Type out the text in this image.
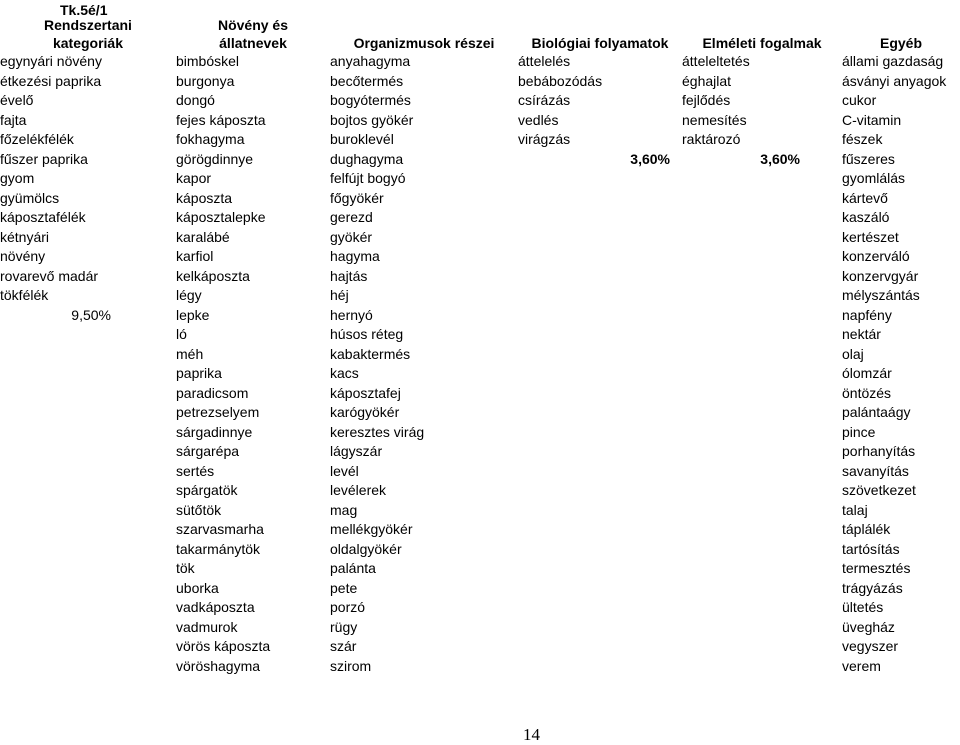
Tk.5é/1
Rendszertani	Növény és				
kategoriák	állatnevek	Organizmusok részei	Biológiai folyamatok	Elméleti fogalmak	Egyéb
egynyári növény	bimbóskel	anyahagyma	áttelelés	átteleltetés	állami gazdaság
étkezési paprika	burgonya	becőtermés	bebábozódás	éghajlat	ásványi anyagok
évelő	dongó	bogyótermés	csírázás	fejlődés	cukor
fajta	fejes káposzta	bojtos gyökér	vedlés	nemesítés	C-vitamin
főzelékfélék	fokhagyma	buroklevél	virágzás	raktározó	fészek
fűszer paprika	görögdinnye	dughagyma	3,60%	3,60%	fűszeres
gyom	kapor	felfújt bogyó			gyomlálás
gyümölcs	káposzta	főgyökér			kártevő
káposztafélék	káposztalepke	gerezd			kaszáló
kétnyári	karalábé	gyökér			kertészet
növény	karfiol	hagyma			konzerváló
rovarevő madár	kelkáposzta	hajtás			konzervgyár
tökfélék	légy	héj			mélyszántás
9,50%	lepke	hernyó			napfény
	ló	húsos réteg			nektár
	méh	kabaktermés			olaj
	paprika	kacs			ólomzár
	paradicsom	káposztafej			öntözés
	petrezselyem	karógyökér			palántaágy
	sárgadinnye	keresztes virág			pince
	sárgarépa	lágyszár			porhanyítás
	sertés	levél			savanyítás
	spárgatök	levélerek			szövetkezet
	sütőtök	mag			talaj
	szarvasmarha	mellékgyökér			táplálék
	takarmánytök	oldalgyökér			tartósítás
	tök	palánta			termesztés
	uborka	pete			trágyázás
	vadkáposzta	porzó			ültetés
	vadmurok	rügy			üvegház
	vörös káposzta	szár			vegyszer
	vöröshagyma	szirom			verem
14
